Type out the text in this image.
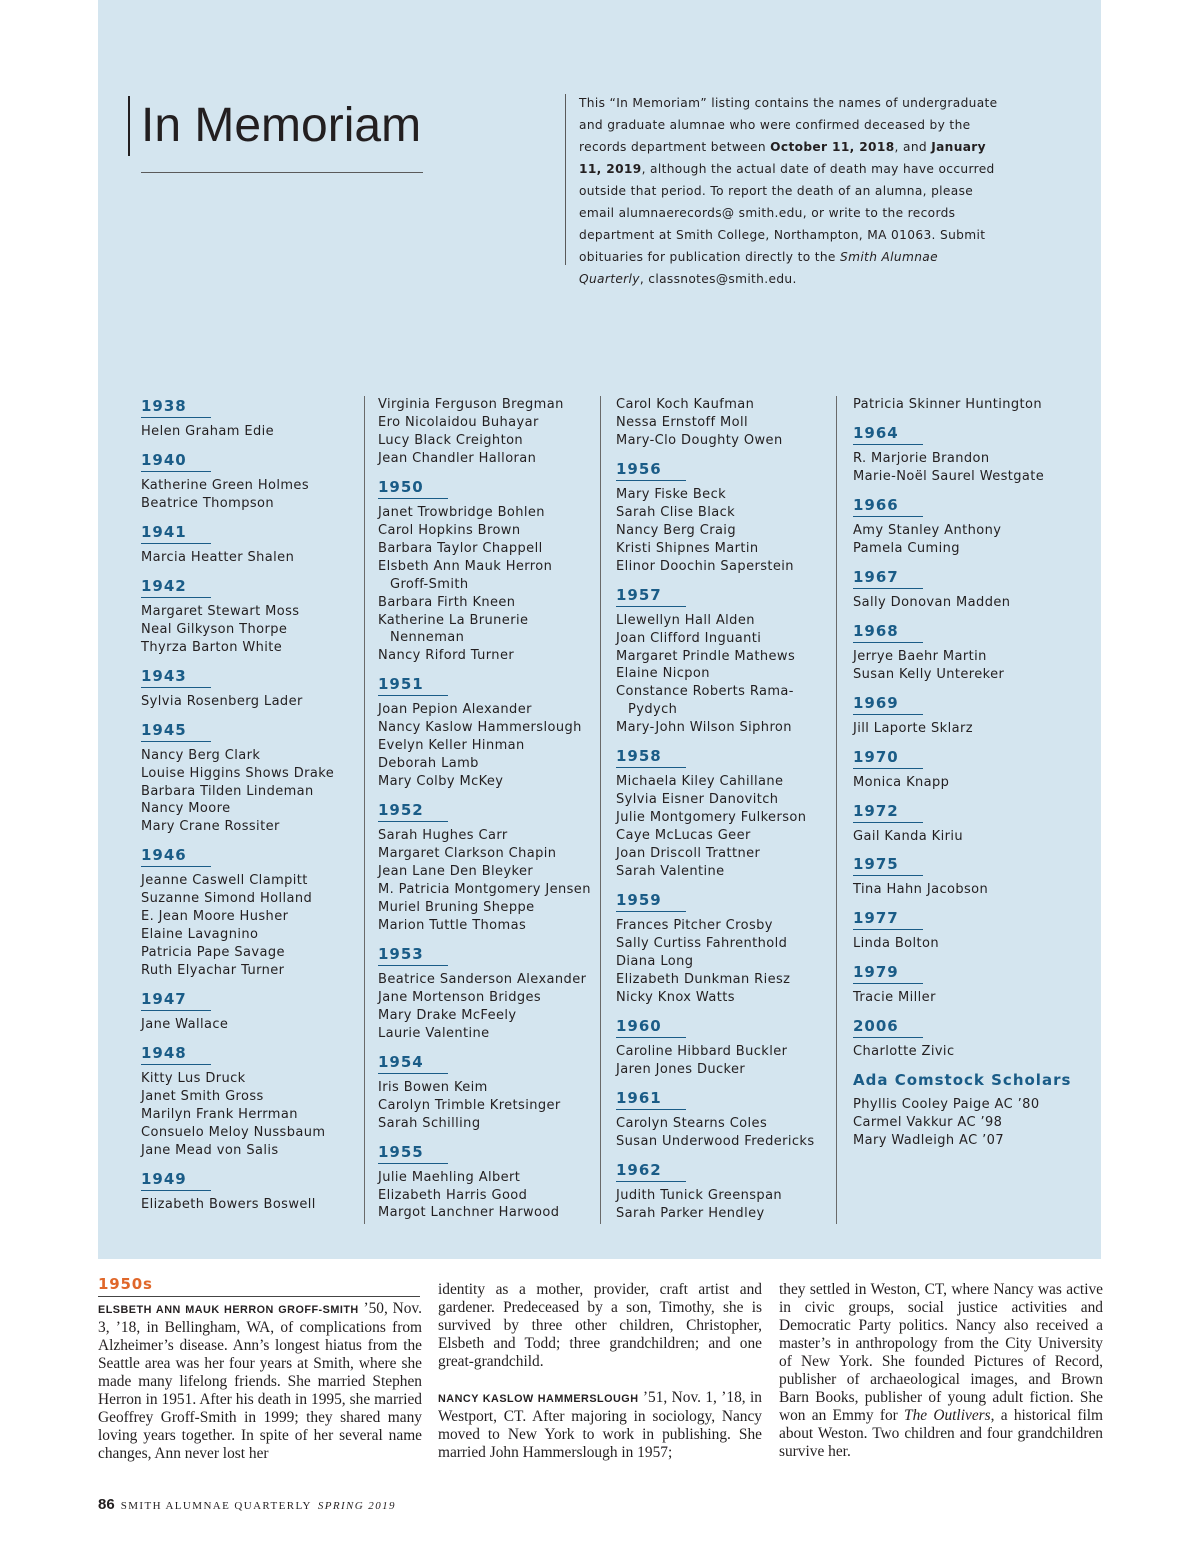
In Memoriam	This “In Memoriam” listing contains the names of undergraduate and graduate alumnae who were confirmed deceased by the records department between October 11, 2018, and January 11, 2019, although the actual date of death may have occurred outside that period. To report the death of an alumna, please email alumnaerecords@ smith.edu, or write to the records department at Smith College, Northampton, MA 01063. Submit obituaries for publication directly to the Smith Alumnae Quarterly, classnotes@smith.edu.

1938
Helen Graham Edie
1940
Katherine Green Holmes
Beatrice Thompson
1941
Marcia Heatter Shalen
1942
Margaret Stewart Moss
Neal Gilkyson Thorpe
Thyrza Barton White
1943
Sylvia Rosenberg Lader
1945
Nancy Berg Clark
Louise Higgins Shows Drake
Barbara Tilden Lindeman
Nancy Moore
Mary Crane Rossiter
1946
Jeanne Caswell Clampitt
Suzanne Simond Holland
E. Jean Moore Husher
Elaine Lavagnino
Patricia Pape Savage
Ruth Elyachar Turner
1947
Jane Wallace
1948
Kitty Lus Druck
Janet Smith Gross
Marilyn Frank Herrman
Consuelo Meloy Nussbaum
Jane Mead von Salis
1949
Elizabeth Bowers Boswell
Virginia Ferguson Bregman
Ero Nicolaidou Buhayar
Lucy Black Creighton
Jean Chandler Halloran
1950
Janet Trowbridge Bohlen
Carol Hopkins Brown
Barbara Taylor Chappell
Elsbeth Ann Mauk Herron
Groff-Smith
Barbara Firth Kneen
Katherine La Brunerie
Nenneman
Nancy Riford Turner
1951
Joan Pepion Alexander
Nancy Kaslow Hammerslough
Evelyn Keller Hinman
Deborah Lamb
Mary Colby McKey
1952
Sarah Hughes Carr
Margaret Clarkson Chapin
Jean Lane Den Bleyker
M. Patricia Montgomery Jensen
Muriel Bruning Sheppe
Marion Tuttle Thomas
1953
Beatrice Sanderson Alexander
Jane Mortenson Bridges
Mary Drake McFeely
Laurie Valentine
1954
Iris Bowen Keim
Carolyn Trimble Kretsinger
Sarah Schilling
1955
Julie Maehling Albert
Elizabeth Harris Good
Margot Lanchner Harwood
Carol Koch Kaufman
Nessa Ernstoff Moll
Mary-Clo Doughty Owen
1956
Mary Fiske Beck
Sarah Clise Black
Nancy Berg Craig
Kristi Shipnes Martin
Elinor Doochin Saperstein
1957
Llewellyn Hall Alden
Joan Clifford Inguanti
Margaret Prindle Mathews
Elaine Nicpon
Constance Roberts Rama-
Pydych
Mary-John Wilson Siphron
1958
Michaela Kiley Cahillane
Sylvia Eisner Danovitch
Julie Montgomery Fulkerson
Caye McLucas Geer
Joan Driscoll Trattner
Sarah Valentine
1959
Frances Pitcher Crosby
Sally Curtiss Fahrenthold
Diana Long
Elizabeth Dunkman Riesz
Nicky Knox Watts
1960
Caroline Hibbard Buckler
Jaren Jones Ducker
1961
Carolyn Stearns Coles
Susan Underwood Fredericks
1962
Judith Tunick Greenspan
Sarah Parker Hendley
Patricia Skinner Huntington
1964
R. Marjorie Brandon
Marie-Noël Saurel Westgate
1966
Amy Stanley Anthony
Pamela Cuming
1967
Sally Donovan Madden
1968
Jerrye Baehr Martin
Susan Kelly Untereker
1969
Jill Laporte Sklarz
1970
Monica Knapp
1972
Gail Kanda Kiriu
1975
Tina Hahn Jacobson
1977
Linda Bolton
1979
Tracie Miller
2006
Charlotte Zivic
Ada Comstock Scholars
Phyllis Cooley Paige AC ’80
Carmel Vakkur AC ’98
Mary Wadleigh AC ’07
1950s

ELSBETH ANN MAUK HERRON GROFF-SMITH ’50, Nov. 3, ’18, in Bellingham, WA, of complications from Alzheimer’s disease. Ann’s longest hiatus from the Seattle area was her four years at Smith, where she made many lifelong friends. She married Stephen Herron in 1951. After his death in 1995, she married Geoffrey Groff-Smith in 1999; they shared many loving years together. In spite of her several name changes, Ann never lost her

identity as a mother, provider, craft artist and gardener. Predeceased by a son, Timothy, she is survived by three other children, Christopher, Elsbeth and Todd; three grandchildren; and one great-grandchild.

NANCY KASLOW HAMMERSLOUGH ’51, Nov. 1, ’18, in Westport, CT. After majoring in sociology, Nancy moved to New York to work in publishing. She married John Hammerslough in 1957;

they settled in Weston, CT, where Nancy was active in civic groups, social justice activities and Democratic Party politics. Nancy also received a master’s in anthropology from the City University of New York. She founded Pictures of Record, publisher of archaeological images, and Brown Barn Books, publisher of young adult fiction. She won an Emmy for The Outlivers, a historical film about Weston. Two children and four grandchildren survive her.

86 SMITH ALUMNAE QUARTERLY SPRING 2019
